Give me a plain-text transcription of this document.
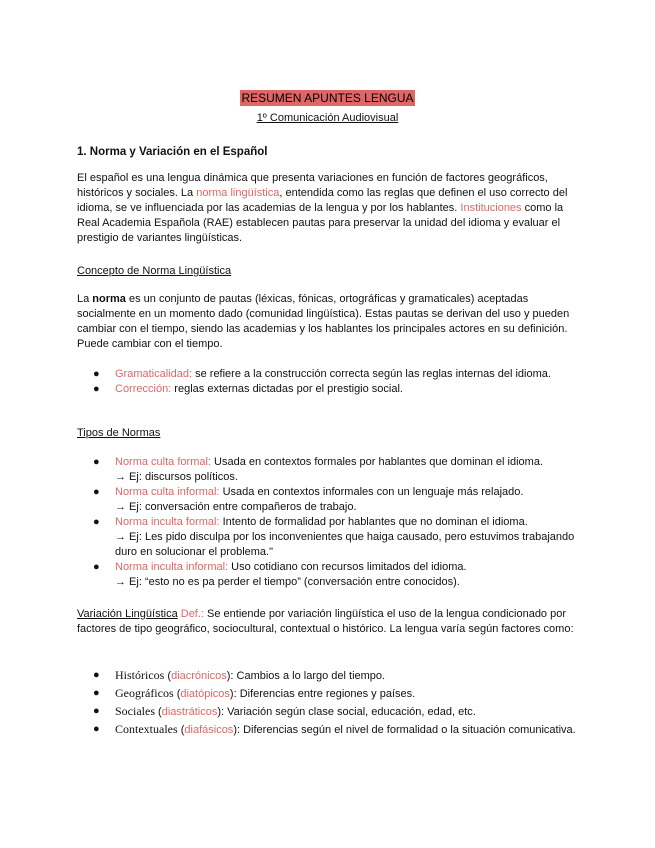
RESUMEN APUNTES LENGUA
1º Comunicación Audiovisual
1. Norma y Variación en el Español
El español es una lengua dinámica que presenta variaciones en función de factores geográficos, históricos y sociales. La norma lingüística, entendida como las reglas que definen el uso correcto del idioma, se ve influenciada por las academias de la lengua y por los hablantes. Instituciones como la Real Academia Española (RAE) establecen pautas para preservar la unidad del idioma y evaluar el prestigio de variantes lingüísticas.
Concepto de Norma Lingüística
La norma es un conjunto de pautas (léxicas, fónicas, ortográficas y gramaticales) aceptadas socialmente en un momento dado (comunidad lingüística). Estas pautas se derivan del uso y pueden cambiar con el tiempo, siendo las academias y los hablantes los principales actores en su definición. Puede cambiar con el tiempo.
● Gramaticalidad: se refiere a la construcción correcta según las reglas internas del idioma.
● Corrección: reglas externas dictadas por el prestigio social.
Tipos de Normas
● Norma culta formal: Usada en contextos formales por hablantes que dominan el idioma.
→ Ej: discursos políticos.
● Norma culta informal: Usada en contextos informales con un lenguaje más relajado.
→ Ej: conversación entre compañeros de trabajo.
● Norma inculta formal: Intento de formalidad por hablantes que no dominan el idioma.
→ Ej: Les pido disculpa por los inconvenientes que haiga causado, pero estuvimos trabajando duro en solucionar el problema."
● Norma inculta informal: Uso cotidiano con recursos limitados del idioma.
→ Ej: “esto no es pa perder el tiempo” (conversación entre conocidos).
Variación Lingüística Def.: Se entiende por variación lingüística el uso de la lengua condicionado por factores de tipo geográfico, sociocultural, contextual o histórico. La lengua varía según factores como:
● Históricos (diacrónicos): Cambios a lo largo del tiempo.
● Geográficos (diatópicos): Diferencias entre regiones y países.
● Sociales (diastráticos): Variación según clase social, educación, edad, etc.
● Contextuales (diafásicos): Diferencias según el nivel de formalidad o la situación comunicativa.
